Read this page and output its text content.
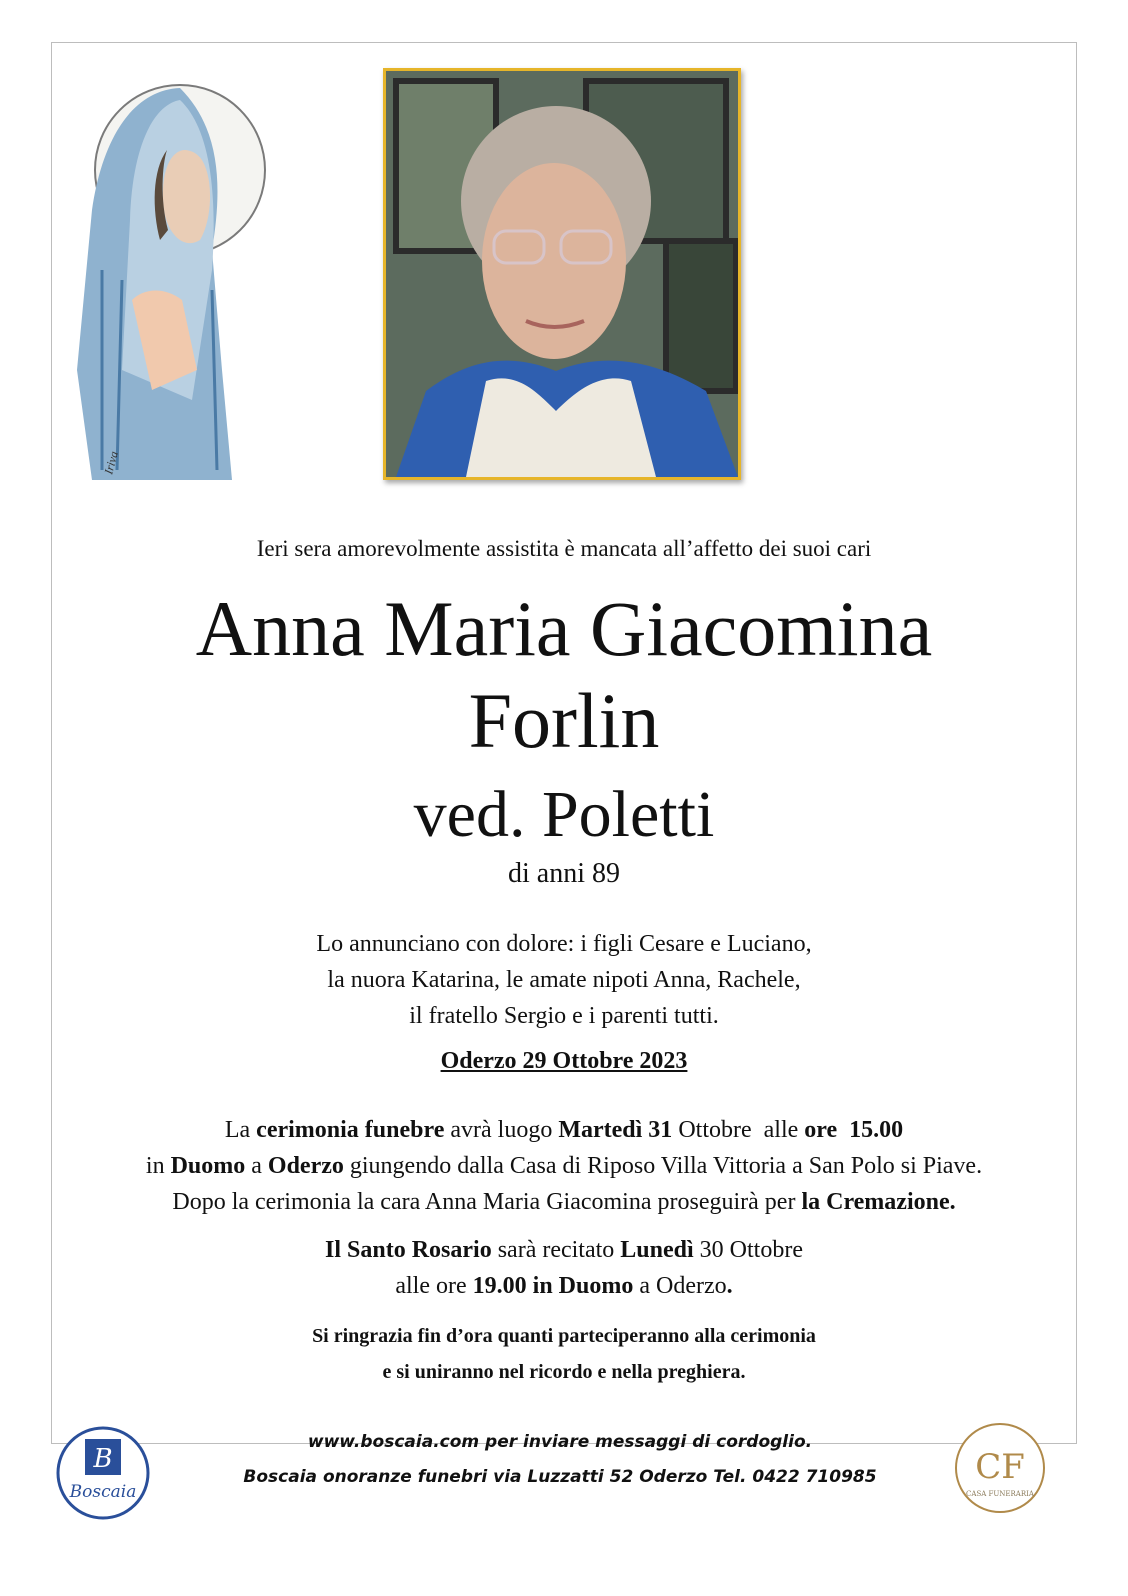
Iriva
Ieri sera amorevolmente assistita è mancata all’affetto dei suoi cari
Anna Maria Giacomina
Forlin
ved. Poletti
di anni 89
Lo annunciano con dolore: i figli Cesare e Luciano,
la nuora Katarina, le amate nipoti Anna, Rachele,
il fratello Sergio e i parenti tutti.
Oderzo 29 Ottobre 2023
La cerimonia funebre avrà luogo Martedì 31 Ottobre  alle ore  15.00
in Duomo a Oderzo giungendo dalla Casa di Riposo Villa Vittoria a San Polo si Piave.
Dopo la cerimonia la cara Anna Maria Giacomina proseguirà per la Cremazione.
Il Santo Rosario sarà recitato Lunedì 30 Ottobre
alle ore 19.00 in Duomo a Oderzo.
Si ringrazia fin d’ora quanti parteciperanno alla cerimonia
e si uniranno nel ricordo e nella preghiera.
B
Boscaia
www.boscaia.com per inviare messaggi di cordoglio.
Boscaia onoranze funebri via Luzzatti 52 Oderzo Tel. 0422 710985	CF
CASA FUNERARIA
